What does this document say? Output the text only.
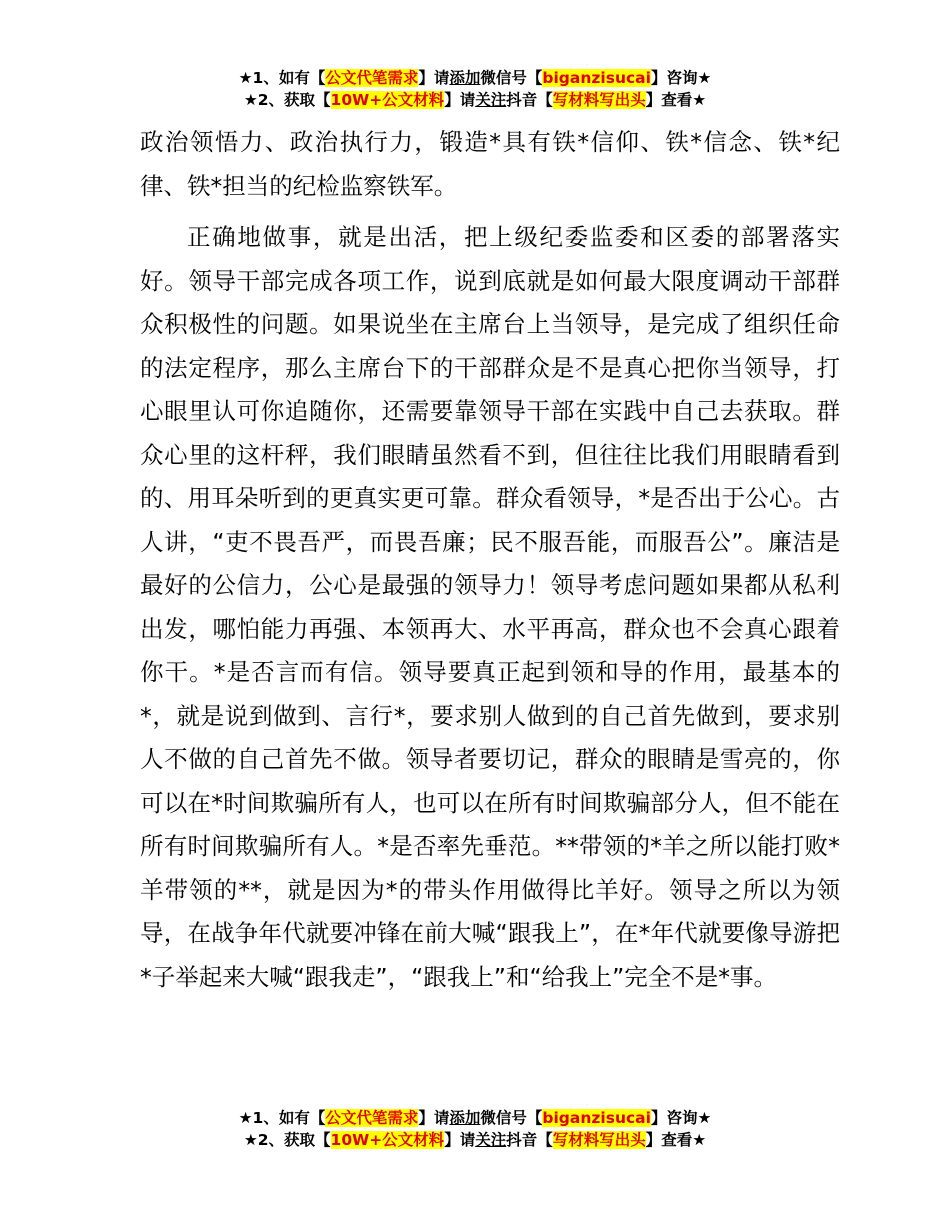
★1、如有【公文代笔需求】请添加微信号【biganzisucai】咨询★
★2、获取【10W+公文材料】请关注抖音【写材料写出头】查看★

政治领悟力、政治执行力，锻造*具有铁*信仰、铁*信念、铁*纪律、铁*担当的纪检监察铁军。

正确地做事，就是出活，把上级纪委监委和区委的部署落实好。领导干部完成各项工作，说到底就是如何最大限度调动干部群众积极性的问题。如果说坐在主席台上当领导，是完成了组织任命的法定程序，那么主席台下的干部群众是不是真心把你当领导，打心眼里认可你追随你，还需要靠领导干部在实践中自己去获取。群众心里的这杆秤，我们眼睛虽然看不到，但往往比我们用眼睛看到的、用耳朵听到的更真实更可靠。群众看领导，*是否出于公心。古人讲，“吏不畏吾严，而畏吾廉；民不服吾能，而服吾公”。廉洁是最好的公信力，公心是最强的领导力！领导考虑问题如果都从私利出发，哪怕能力再强、本领再大、水平再高，群众也不会真心跟着你干。*是否言而有信。领导要真正起到领和导的作用，最基本的*，就是说到做到、言行*，要求别人做到的自己首先做到，要求别人不做的自己首先不做。领导者要切记，群众的眼睛是雪亮的，你可以在*时间欺骗所有人，也可以在所有时间欺骗部分人，但不能在所有时间欺骗所有人。*是否率先垂范。**带领的*羊之所以能打败*羊带领的**，就是因为*的带头作用做得比羊好。领导之所以为领导，在战争年代就要冲锋在前大喊“跟我上”，在*年代就要像导游把*子举起来大喊“跟我走”，“跟我上”和“给我上”完全不是*事。

★1、如有【公文代笔需求】请添加微信号【biganzisucai】咨询★
★2、获取【10W+公文材料】请关注抖音【写材料写出头】查看★
